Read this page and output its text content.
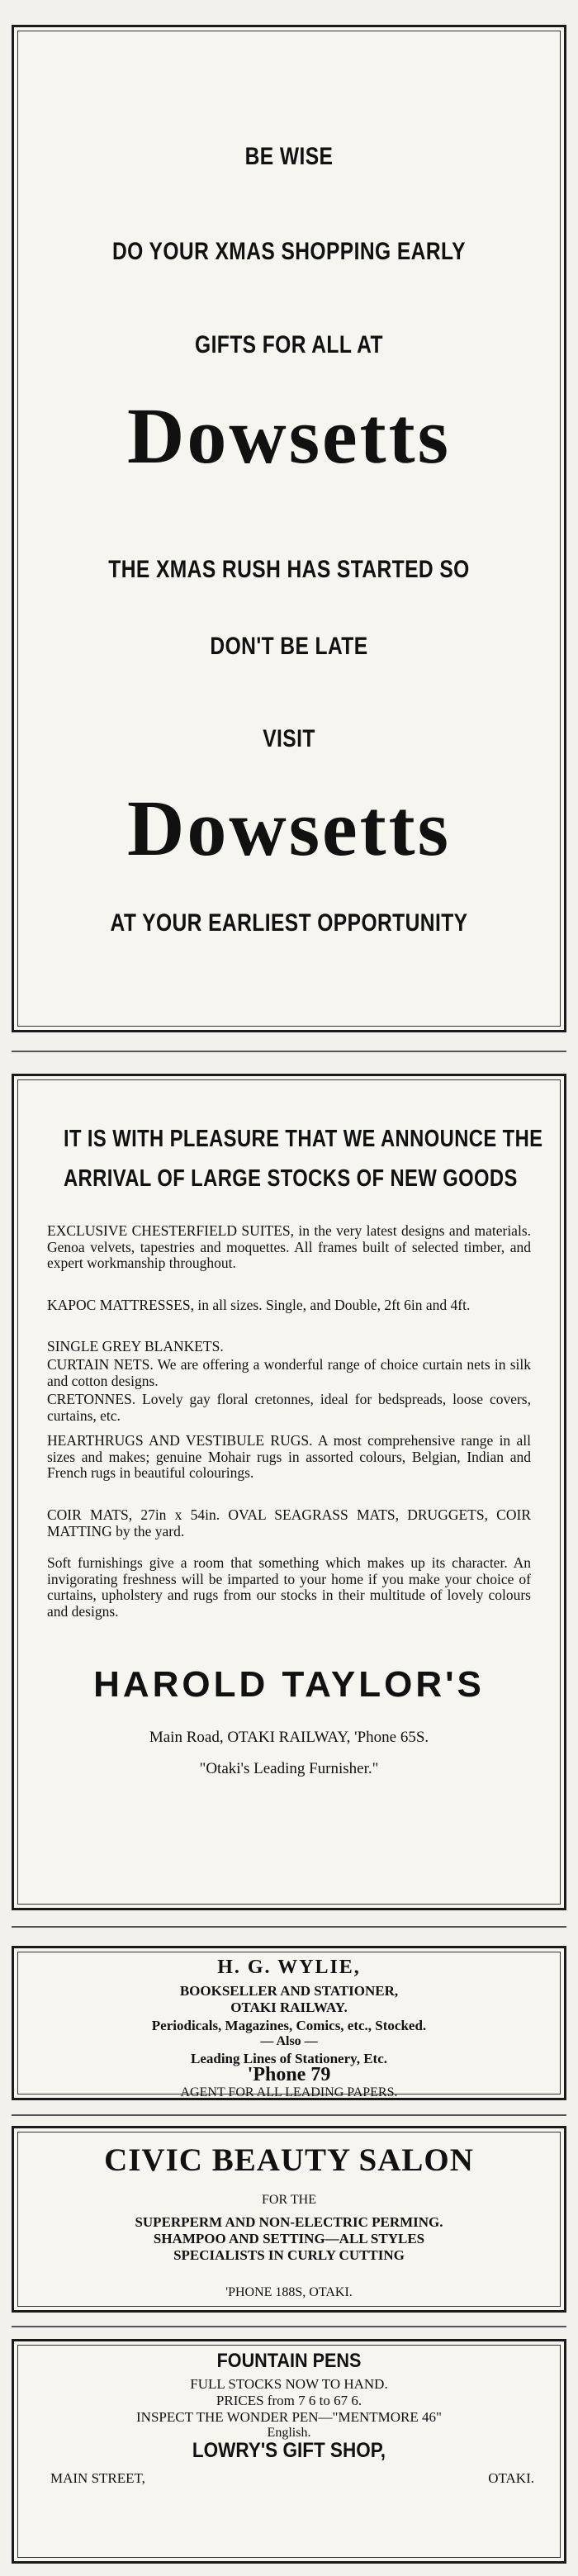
BE WISE
DO YOUR XMAS SHOPPING EARLY
GIFTS FOR ALL AT
Dowsetts
THE XMAS RUSH HAS STARTED SO
DON'T BE LATE
VISIT
Dowsetts
AT YOUR EARLIEST OPPORTUNITY
IT IS WITH PLEASURE THAT WE ANNOUNCE THE
ARRIVAL OF LARGE STOCKS OF NEW GOODS
EXCLUSIVE CHESTERFIELD SUITES, in the very latest designs and materials. Genoa velvets, tapestries and moquettes. All frames built of selected timber, and expert workmanship throughout.
KAPOC MATTRESSES, in all sizes. Single, and Double, 2ft 6in and 4ft.
SINGLE GREY BLANKETS.
CURTAIN NETS. We are offering a wonderful range of choice curtain nets in silk and cotton designs.
CRETONNES. Lovely gay floral cretonnes, ideal for bedspreads, loose covers, curtains, etc.
HEARTHRUGS AND VESTIBULE RUGS. A most comprehensive range in all sizes and makes; genuine Mohair rugs in assorted colours, Belgian, Indian and French rugs in beautiful colourings.
COIR MATS, 27in x 54in. OVAL SEAGRASS MATS, DRUGGETS, COIR MATTING by the yard.
Soft furnishings give a room that something which makes up its character. An invigorating freshness will be imparted to your home if you make your choice of curtains, upholstery and rugs from our stocks in their multitude of lovely colours and designs.
HAROLD TAYLOR'S
Main Road, OTAKI RAILWAY, 'Phone 65S.
"Otaki's Leading Furnisher."
H. G. WYLIE,
BOOKSELLER AND STATIONER,
OTAKI RAILWAY.
Periodicals, Magazines, Comics, etc., Stocked.
— Also —
Leading Lines of Stationery, Etc.
'Phone 79
AGENT FOR ALL LEADING PAPERS.
CIVIC BEAUTY SALON
FOR THE
SUPERPERM AND NON-ELECTRIC PERMING.
SHAMPOO AND SETTING—ALL STYLES
SPECIALISTS IN CURLY CUTTING
'PHONE 188S, OTAKI.
FOUNTAIN PENS
FULL STOCKS NOW TO HAND.
PRICES from 7 6 to 67 6.
INSPECT THE WONDER PEN—"MENTMORE 46"
English.
LOWRY'S GIFT SHOP,
MAIN STREET,	OTAKI.
